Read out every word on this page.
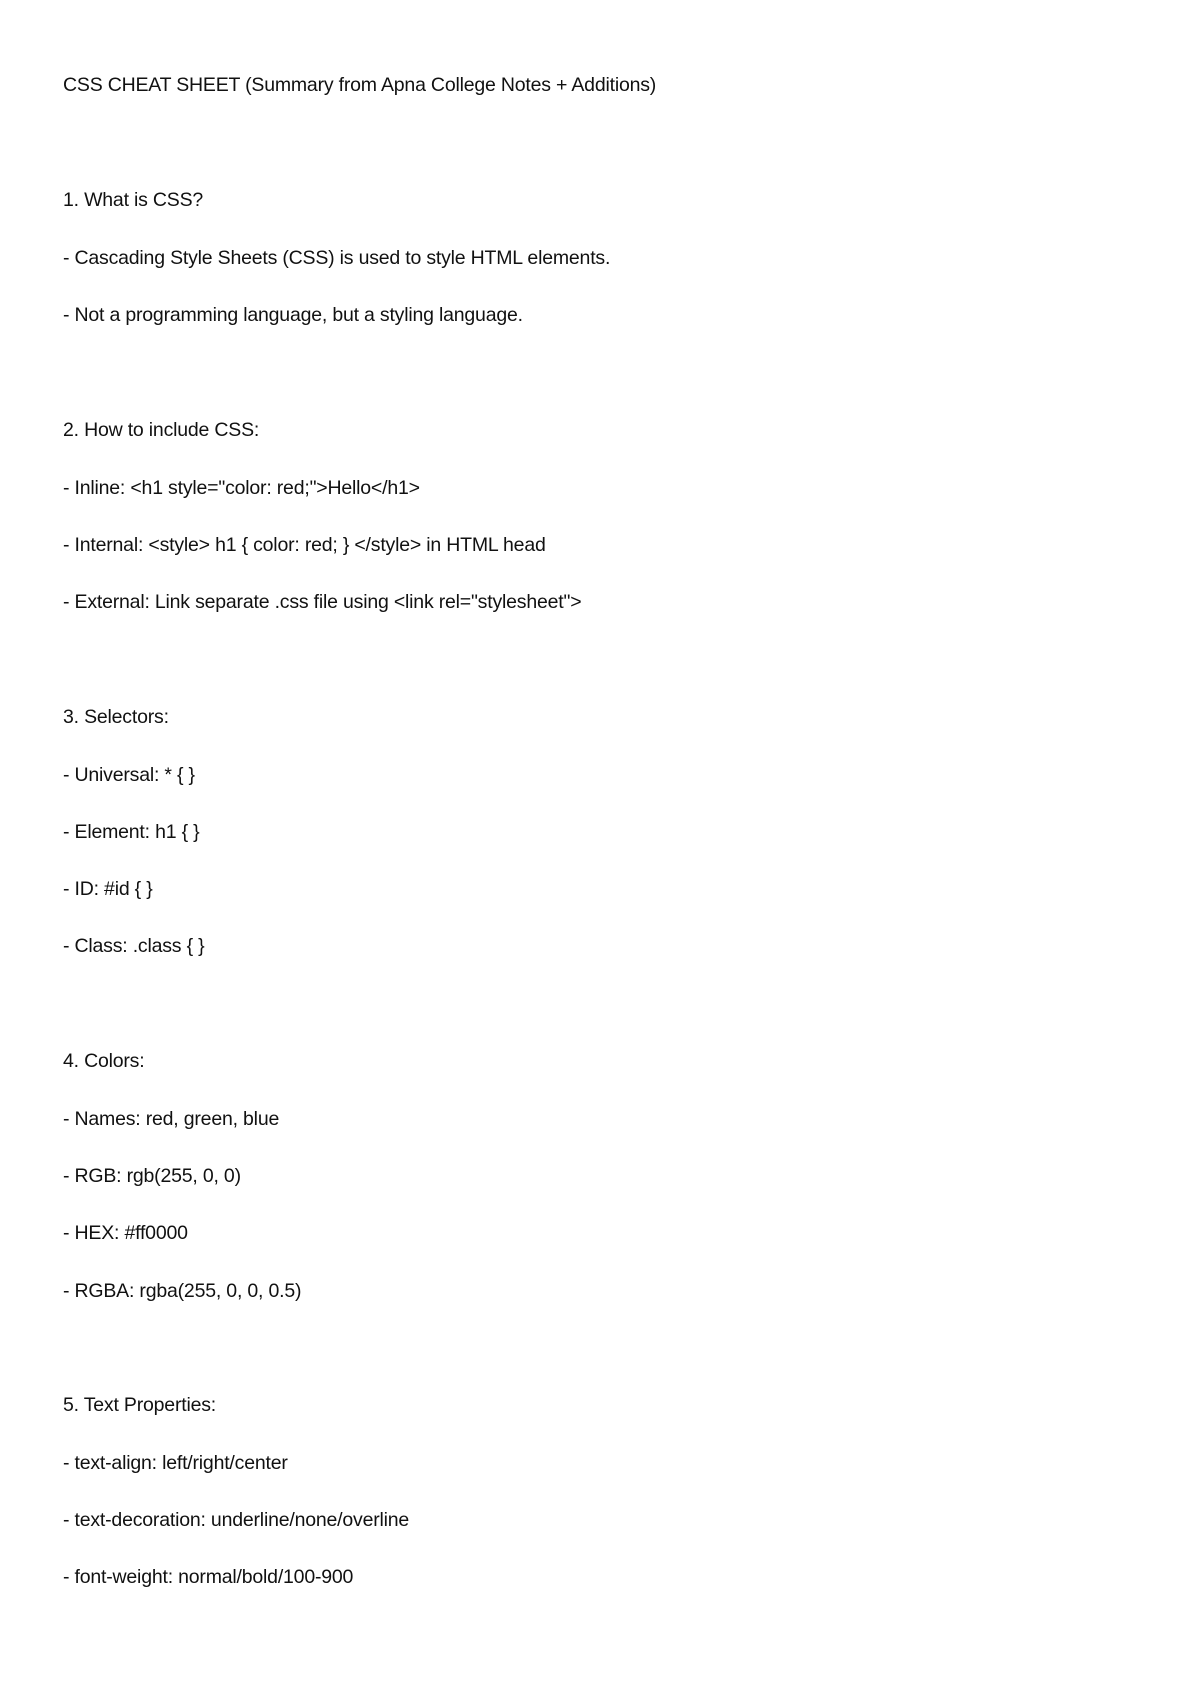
CSS CHEAT SHEET (Summary from Apna College Notes + Additions)

1. What is CSS?

- Cascading Style Sheets (CSS) is used to style HTML elements.

- Not a programming language, but a styling language.

2. How to include CSS:

- Inline: <h1 style="color: red;">Hello</h1>

- Internal: <style> h1 { color: red; } </style> in HTML head

- External: Link separate .css file using <link rel="stylesheet">

3. Selectors:

- Universal: * { }

- Element: h1 { }

- ID: #id { }

- Class: .class { }

4. Colors:

- Names: red, green, blue

- RGB: rgb(255, 0, 0)

- HEX: #ff0000

- RGBA: rgba(255, 0, 0, 0.5)

5. Text Properties:

- text-align: left/right/center

- text-decoration: underline/none/overline

- font-weight: normal/bold/100-900
